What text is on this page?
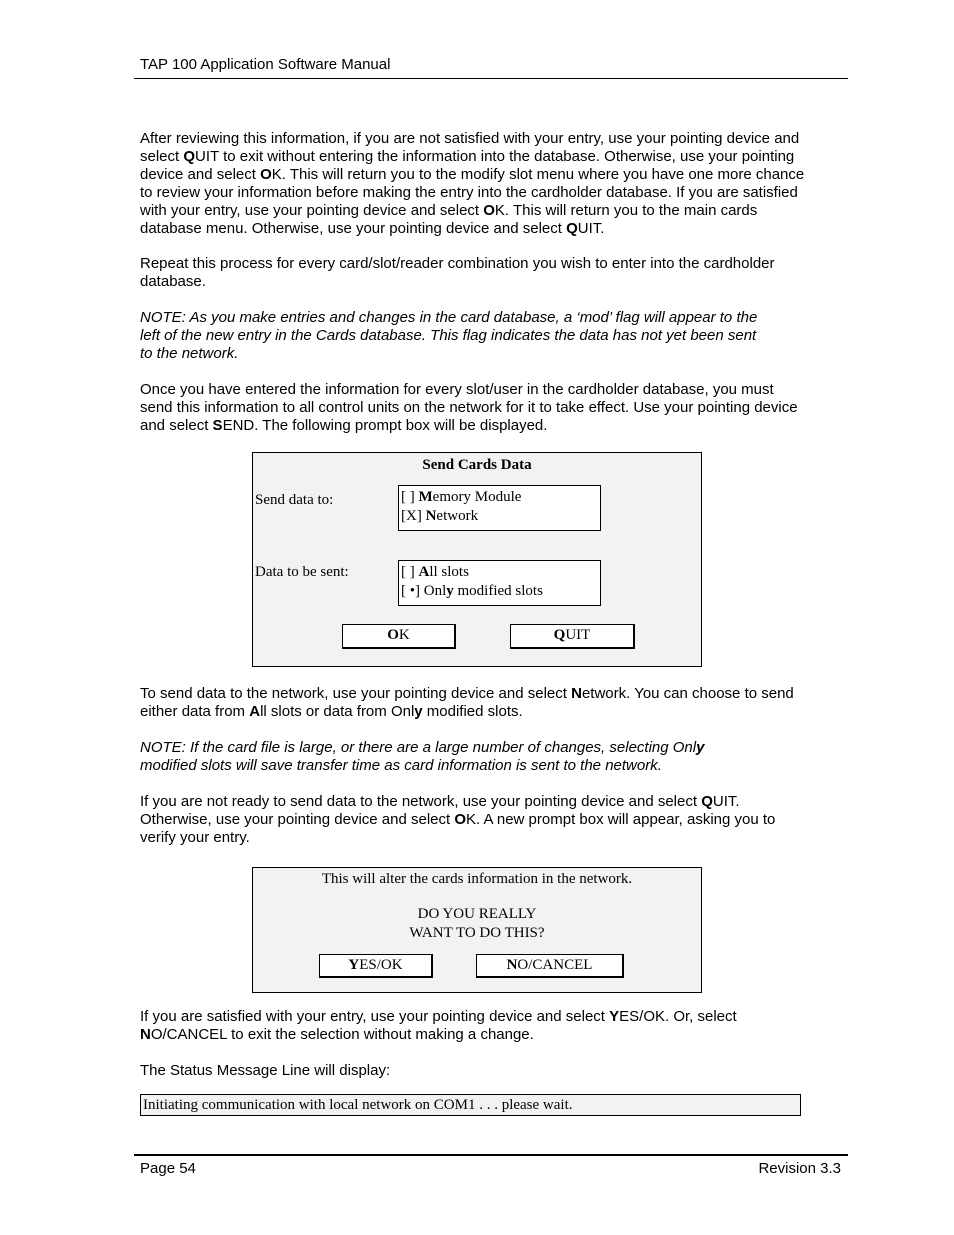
TAP 100 Application Software Manual
After reviewing this information, if you are not satisfied with your entry, use your pointing device and select QUIT to exit without entering the information into the database. Otherwise, use your pointing device and select OK. This will return you to the modify slot menu where you have one more chance to review your information before making the entry into the cardholder database. If you are satisfied with your entry, use your pointing device and select OK. This will return you to the main cards database menu. Otherwise, use your pointing device and select QUIT.
Repeat this process for every card/slot/reader combination you wish to enter into the cardholder database.
NOTE: As you make entries and changes in the card database, a ‘mod’ flag will appear to the left of the new entry in the Cards database. This flag indicates the data has not yet been sent to the network.
Once you have entered the information for every slot/user in the cardholder database, you must send this information to all control units on the network for it to take effect. Use your pointing device and select SEND. The following prompt box will be displayed.
Send Cards Data
Send data to:	[ ] Memory Module
[X] Network
Data to be sent:	[ ] All slots
[ •] Only modified slots
OK	QUIT
To send data to the network, use your pointing device and select Network. You can choose to send either data from All slots or data from Only modified slots.
NOTE: If the card file is large, or there are a large number of changes, selecting Only modified slots will save transfer time as card information is sent to the network.
If you are not ready to send data to the network, use your pointing device and select QUIT. Otherwise, use your pointing device and select OK. A new prompt box will appear, asking you to verify your entry.
This will alter the cards information in the network.
DO YOU REALLY
WANT TO DO THIS?
YES/OK	NO/CANCEL
If you are satisfied with your entry, use your pointing device and select YES/OK. Or, select NO/CANCEL to exit the selection without making a change.
The Status Message Line will display:
Initiating communication with local network on COM1 . . . please wait.
Page 54	Revision 3.3
